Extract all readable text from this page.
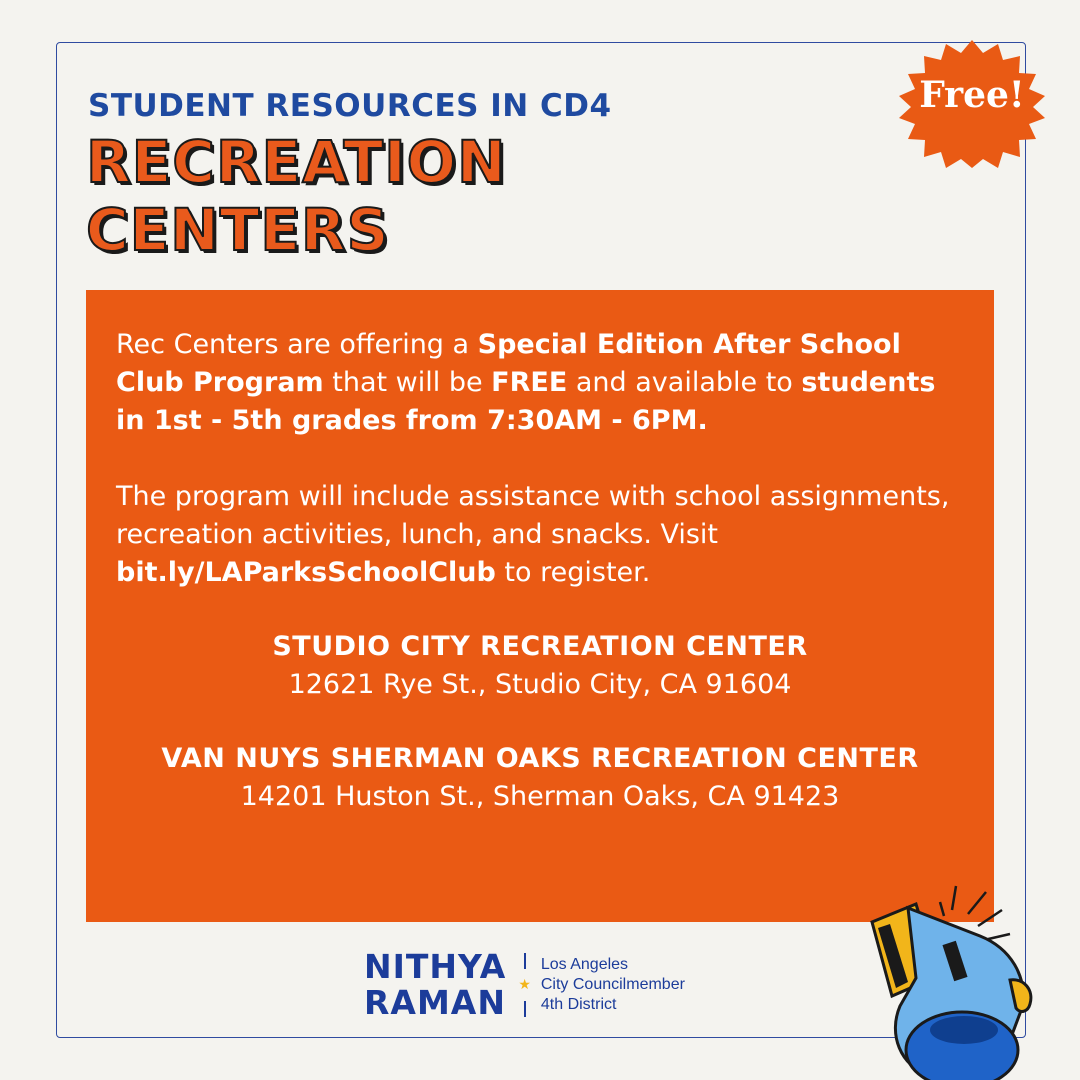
STUDENT RESOURCES IN CD4
RECREATION
CENTERS
Free!

Rec Centers are offering a Special Edition After School Club Program that will be FREE and available to students in 1st - 5th grades from 7:30AM - 6PM.

The program will include assistance with school assignments, recreation activities, lunch, and snacks. Visit bit.ly/LAParksSchoolClub to register.

STUDIO CITY RECREATION CENTER
12621 Rye St., Studio City, CA 91604
VAN NUYS SHERMAN OAKS RECREATION CENTER
14201 Huston St., Sherman Oaks, CA 91423
NITHYA
RAMAN ★
Los Angeles
City Councilmember
4th District
